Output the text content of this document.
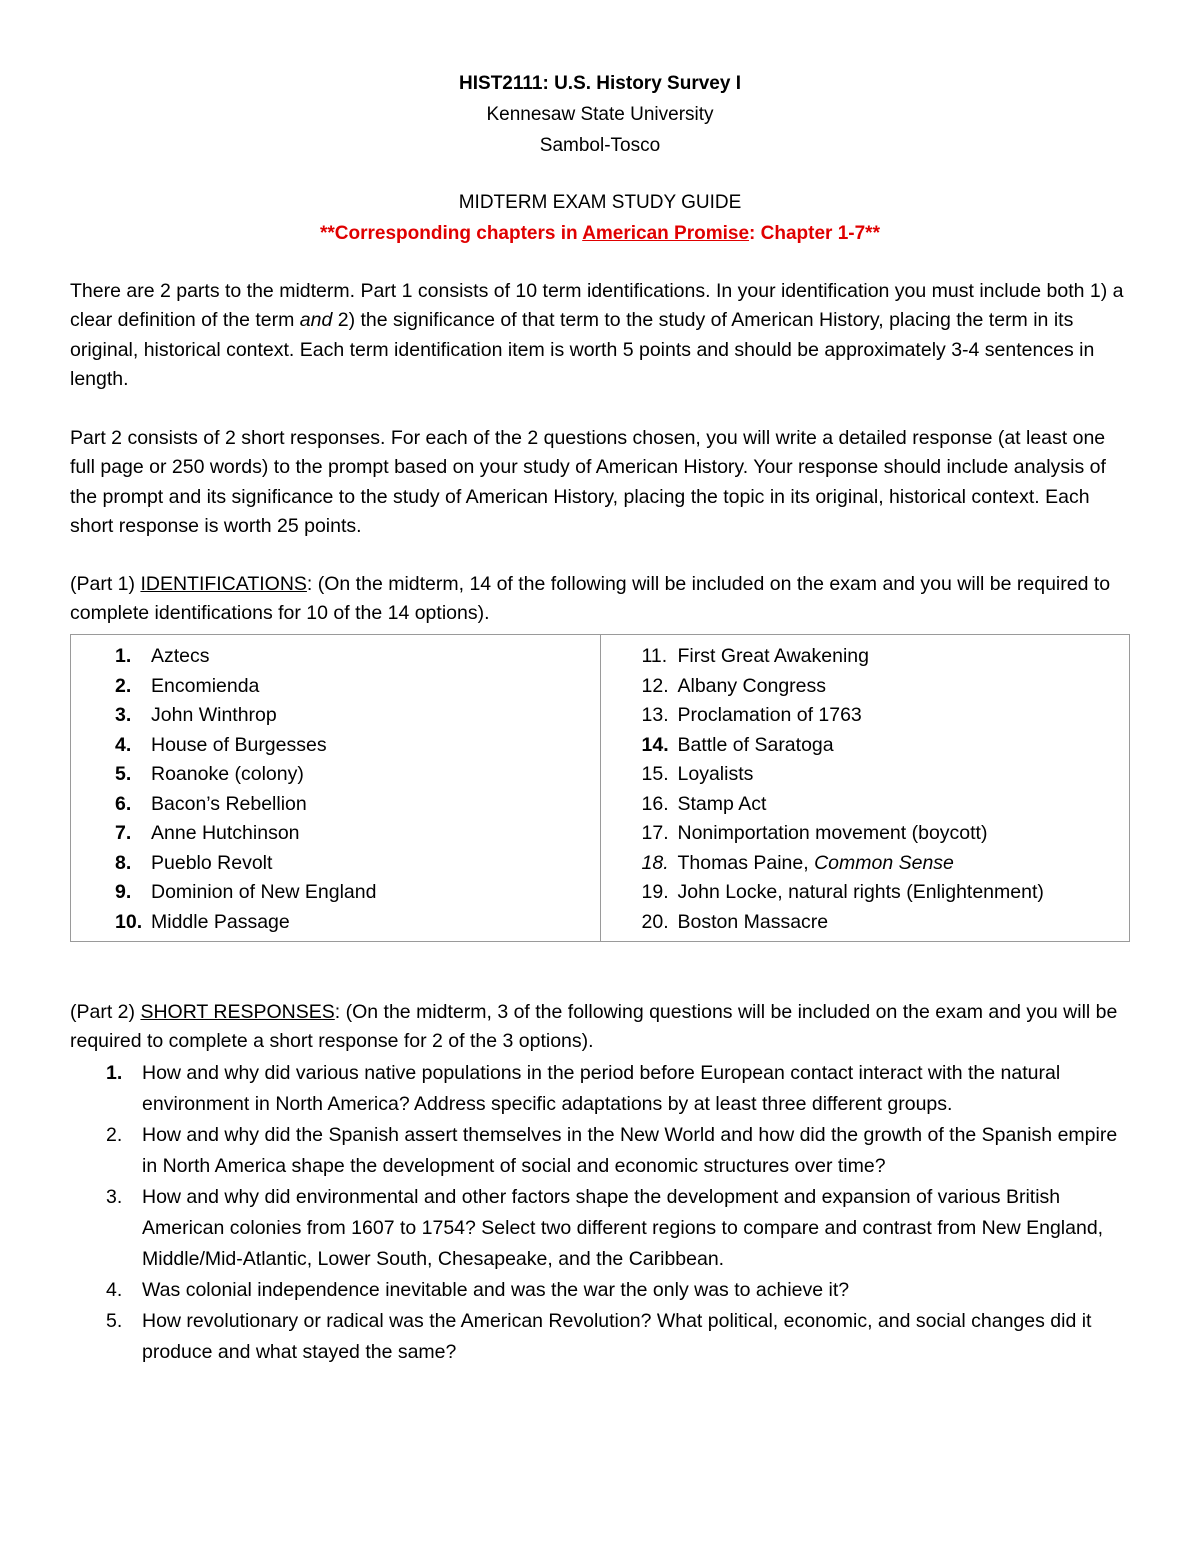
HIST2111: U.S. History Survey I
Kennesaw State University
Sambol-Tosco
MIDTERM EXAM STUDY GUIDE
**Corresponding chapters in American Promise: Chapter 1-7**

There are 2 parts to the midterm. Part 1 consists of 10 term identifications. In your identification you must include both 1) a clear definition of the term and 2) the significance of that term to the study of American History, placing the term in its original, historical context. Each term identification item is worth 5 points and should be approximately 3-4 sentences in length.

Part 2 consists of 2 short responses. For each of the 2 questions chosen, you will write a detailed response (at least one full page or 250 words) to the prompt based on your study of American History. Your response should include analysis of the prompt and its significance to the study of American History, placing the topic in its original, historical context. Each short response is worth 25 points.

(Part 1) IDENTIFICATIONS: (On the midterm, 14 of the following will be included on the exam and you will be required to complete identifications for 10 of the 14 options).

1.	Aztecs
2.	Encomienda
3.	John Winthrop
4.	House of Burgesses
5.	Roanoke (colony)
6.	Bacon’s Rebellion
7.	Anne Hutchinson
8.	Pueblo Revolt
9.	Dominion of New England
10. Middle Passage

11. First Great Awakening
12. Albany Congress
13. Proclamation of 1763
14. Battle of Saratoga
15. Loyalists
16. Stamp Act
17. Nonimportation movement (boycott)
18. Thomas Paine, Common Sense
19. John Locke, natural rights (Enlightenment)
20. Boston Massacre

(Part 2) SHORT RESPONSES: (On the midterm, 3 of the following questions will be included on the exam and you will be required to complete a short response for 2 of the 3 options).

1. How and why did various native populations in the period before European contact interact with the natural environment in North America? Address specific adaptations by at least three different groups.
2. How and why did the Spanish assert themselves in the New World and how did the growth of the Spanish empire in North America shape the development of social and economic structures over time?
3. How and why did environmental and other factors shape the development and expansion of various British American colonies from 1607 to 1754? Select two different regions to compare and contrast from New England, Middle/Mid-Atlantic, Lower South, Chesapeake, and the Caribbean.
4. Was colonial independence inevitable and was the war the only was to achieve it?
5. How revolutionary or radical was the American Revolution? What political, economic, and social changes did it produce and what stayed the same?
